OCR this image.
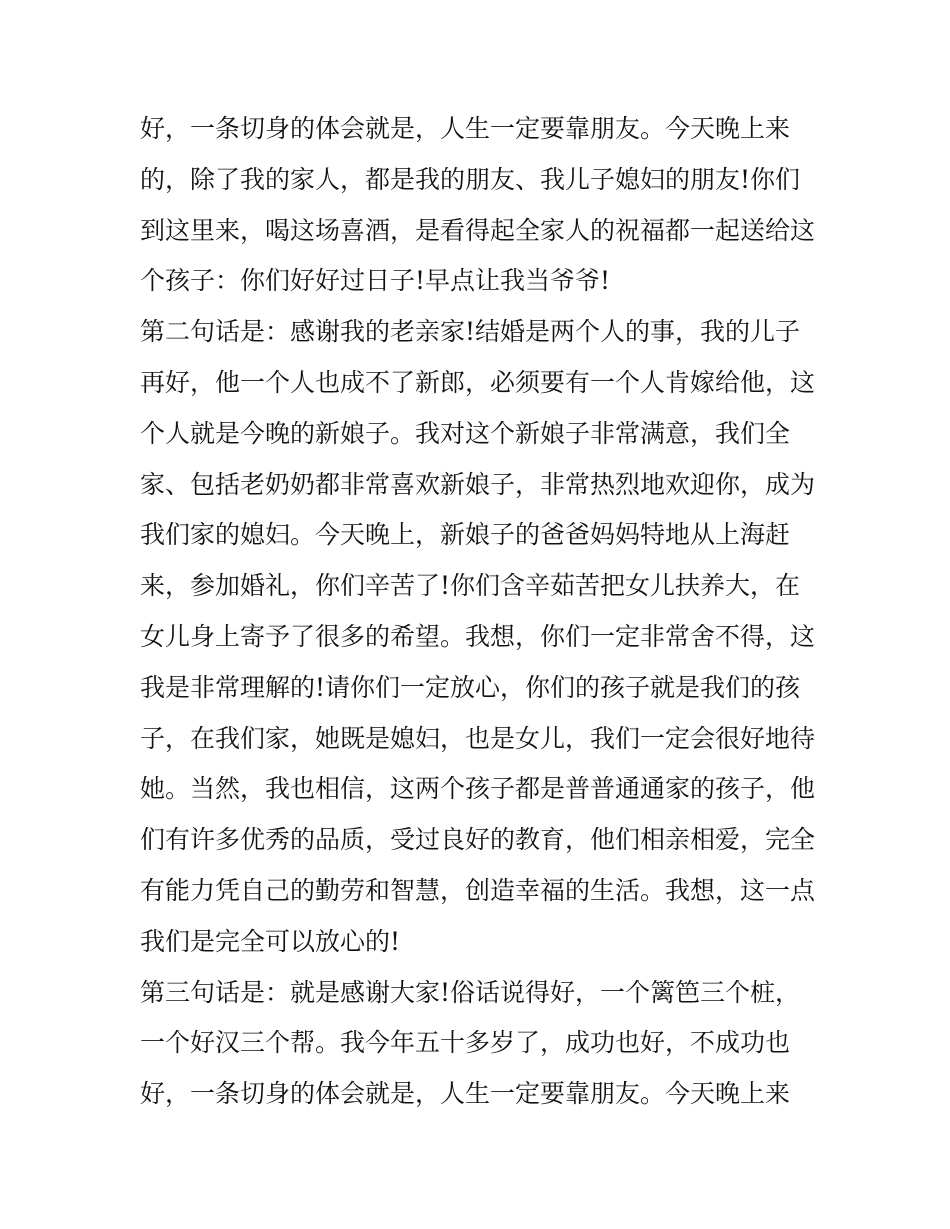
好，一条切身的体会就是，人生一定要靠朋友。今天晚上来
的，除了我的家人，都是我的朋友、我儿子媳妇的朋友!你们
到这里来，喝这场喜酒，是看得起全家人的祝福都一起送给这
个孩子：你们好好过日子!早点让我当爷爷!
第二句话是：感谢我的老亲家!结婚是两个人的事，我的儿子
再好，他一个人也成不了新郎，必须要有一个人肯嫁给他，这
个人就是今晚的新娘子。我对这个新娘子非常满意，我们全
家、包括老奶奶都非常喜欢新娘子，非常热烈地欢迎你，成为
我们家的媳妇。今天晚上，新娘子的爸爸妈妈特地从上海赶
来，参加婚礼，你们辛苦了!你们含辛茹苦把女儿扶养大，在
女儿身上寄予了很多的希望。我想，你们一定非常舍不得，这
我是非常理解的!请你们一定放心，你们的孩子就是我们的孩
子，在我们家，她既是媳妇，也是女儿，我们一定会很好地待
她。当然，我也相信，这两个孩子都是普普通通家的孩子，他
们有许多优秀的品质，受过良好的教育，他们相亲相爱，完全
有能力凭自己的勤劳和智慧，创造幸福的生活。我想，这一点
我们是完全可以放心的!
第三句话是：就是感谢大家!俗话说得好，一个篱笆三个桩，
一个好汉三个帮。我今年五十多岁了，成功也好，不成功也
好，一条切身的体会就是，人生一定要靠朋友。今天晚上来
